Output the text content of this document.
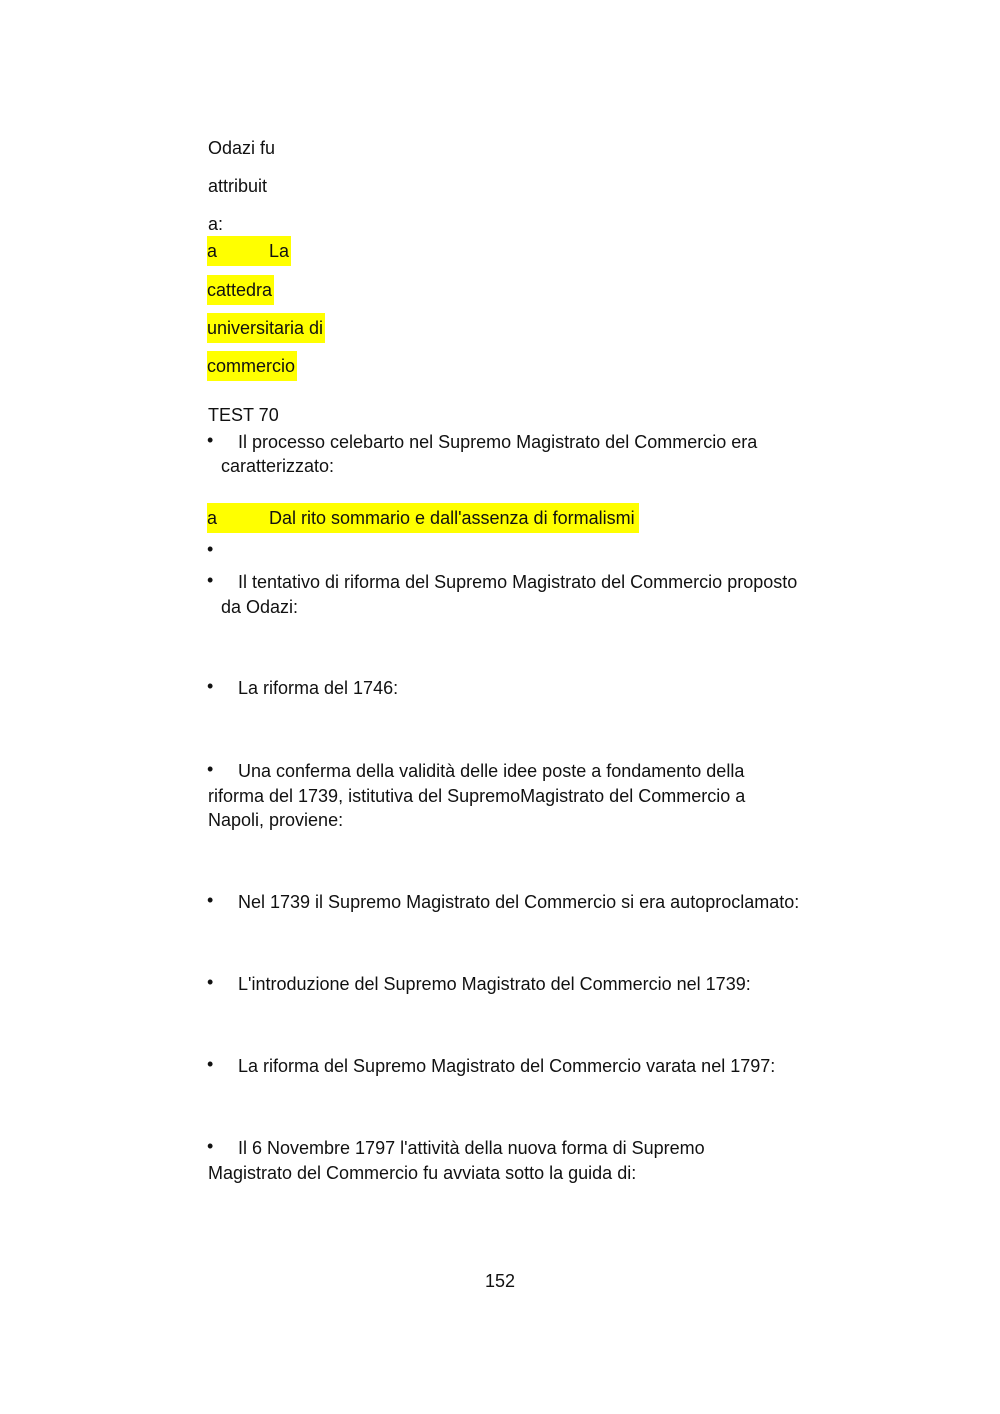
Odazi fu
attribuit
a:
a	La
cattedra
universitaria di
commercio
TEST 70
• Il processo celebarto nel Supremo Magistrato del Commercio era
caratterizzato:
a	Dal rito sommario e dall'assenza di formalismi
•
• Il tentativo di riforma del Supremo Magistrato del Commercio proposto
da Odazi:
• La riforma del 1746:
• Una conferma della validità delle idee poste a fondamento della
riforma del 1739, istitutiva del SupremoMagistrato del Commercio a
Napoli, proviene:
• Nel 1739 il Supremo Magistrato del Commercio si era autoproclamato:
• L'introduzione del Supremo Magistrato del Commercio nel 1739:
• La riforma del Supremo Magistrato del Commercio varata nel 1797:
• Il 6 Novembre 1797 l'attività della nuova forma di Supremo
Magistrato del Commercio fu avviata sotto la guida di:
152
